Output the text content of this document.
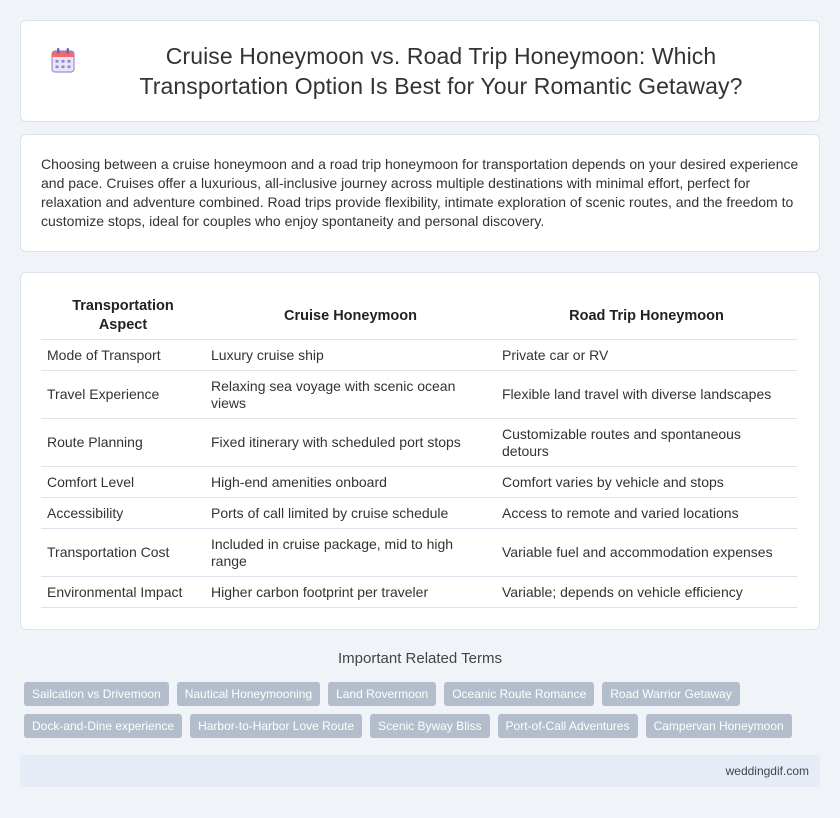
Cruise Honeymoon vs. Road Trip Honeymoon: Which Transportation Option Is Best for Your Romantic Getaway?

Choosing between a cruise honeymoon and a road trip honeymoon for transportation depends on your desired experience and pace. Cruises offer a luxurious, all-inclusive journey across multiple destinations with minimal effort, perfect for relaxation and adventure combined. Road trips provide flexibility, intimate exploration of scenic routes, and the freedom to customize stops, ideal for couples who enjoy spontaneity and personal discovery.

Transportation Aspect	Cruise Honeymoon	Road Trip Honeymoon
Mode of Transport	Luxury cruise ship	Private car or RV
Travel Experience	Relaxing sea voyage with scenic ocean views	Flexible land travel with diverse landscapes
Route Planning	Fixed itinerary with scheduled port stops	Customizable routes and spontaneous detours
Comfort Level	High-end amenities onboard	Comfort varies by vehicle and stops
Accessibility	Ports of call limited by cruise schedule	Access to remote and varied locations
Transportation Cost	Included in cruise package, mid to high range	Variable fuel and accommodation expenses
Environmental Impact	Higher carbon footprint per traveler	Variable; depends on vehicle efficiency
Important Related Terms
Sailcation vs Drivemoon	Nautical Honeymooning	Land Rovermoon	Oceanic Route Romance	Road Warrior Getaway
Dock-and-Dine experience	Harbor-to-Harbor Love Route	Scenic Byway Bliss	Port-of-Call Adventures	Campervan Honeymoon
weddingdif.com
